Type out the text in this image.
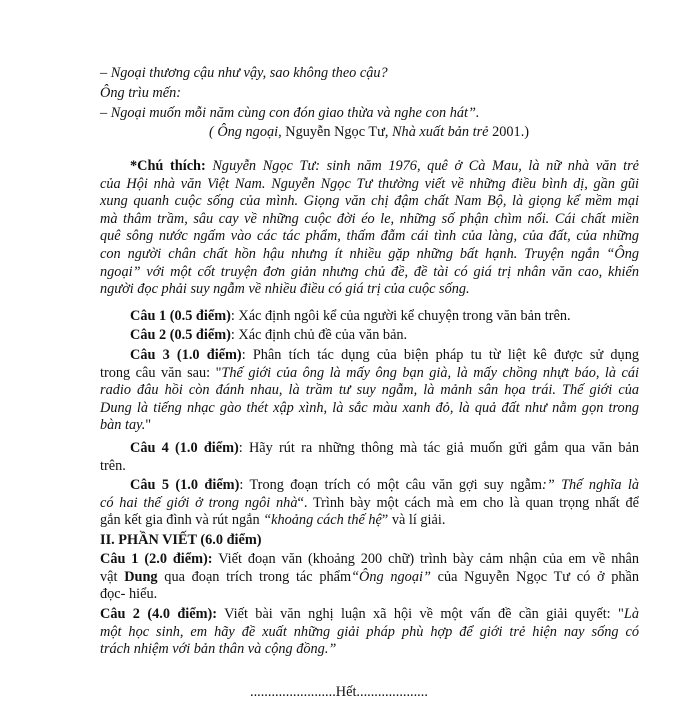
– Ngoại thương cậu như vậy, sao không theo cậu?
Ông trìu mến:
– Ngoại muốn mỗi năm cùng con đón giao thừa và nghe con hát”.
( Ông ngoại, Nguyễn Ngọc Tư, Nhà xuất bản trẻ 2001.)
*Chú thích: Nguyễn Ngọc Tư: sinh năm 1976, quê ở Cà Mau, là nữ nhà văn trẻ
của Hội nhà văn Việt Nam. Nguyễn Ngọc Tư thường viết về những điều bình dị, gần gũi
xung quanh cuộc sống của mình. Giọng văn chị đậm chất Nam Bộ, là giọng kể mềm mại
mà thâm trầm, sâu cay về những cuộc đời éo le, những số phận chìm nổi. Cái chất miền
quê sông nước ngấm vào các tác phẩm, thấm đẫm cái tình của làng, của đất, của những
con người chân chất hồn hậu nhưng ít nhiều gặp những bất hạnh. Truyện ngắn “Ông
ngoại” với một cốt truyện đơn giản nhưng chủ đề, đề tài có giá trị nhân văn cao, khiến
người đọc phải suy ngẫm về nhiều điều có giá trị của cuộc sống.
Câu 1 (0.5 điểm): Xác định ngôi kể của người kể chuyện trong văn bản trên.
Câu 2 (0.5 điểm): Xác định chủ đề của văn bản.
Câu 3 (1.0 điểm): Phân tích tác dụng của biện pháp tu từ liệt kê được sử dụng
trong câu văn sau: "Thế giới của ông là mấy ông bạn già, là mấy chồng nhựt báo, là cái
radio đâu hồi còn đánh nhau, là trầm tư suy ngẫm, là mảnh sân họa trái. Thế giới của
Dung là tiếng nhạc gào thét xập xình, là sắc màu xanh đỏ, là quả đất như nằm gọn trong
bàn tay."
Câu 4 (1.0 điểm): Hãy rút ra những thông mà tác giả muốn gửi gắm qua văn bản
trên.
Câu 5 (1.0 điểm): Trong đoạn trích có một câu văn gợi suy ngẫm:” Thế nghĩa là
có hai thế giới ở trong ngôi nhà“. Trình bày một cách mà em cho là quan trọng nhất để
gắn kết gia đình và rút ngắn “khoảng cách thế hệ” và lí giải.
II. PHẦN VIẾT (6.0 điểm)
Câu 1 (2.0 điểm): Viết đoạn văn (khoảng 200 chữ) trình bày cảm nhận của em về nhân
vật Dung qua đoạn trích trong tác phẩm“Ông ngoại” của Nguyễn Ngọc Tư có ở phần
đọc- hiểu.
Câu 2 (4.0 điểm): Viết bài văn nghị luận xã hội về một vấn đề cần giải quyết: "Là
một học sinh, em hãy đề xuất những giải pháp phù hợp để giới trẻ hiện nay sống có
trách nhiệm với bản thân và cộng đồng.”
........................Hết....................
